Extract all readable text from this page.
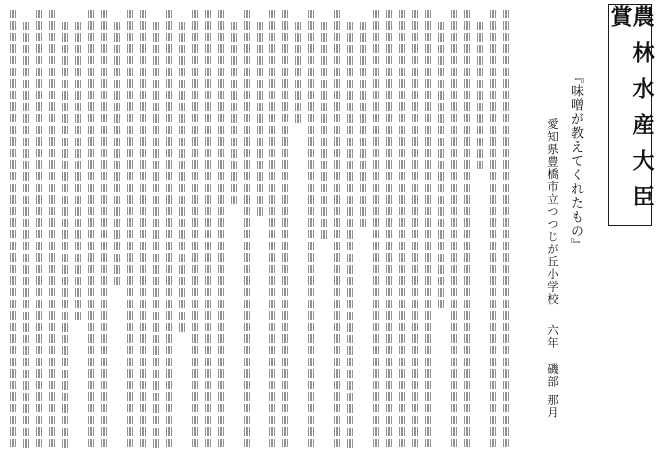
農林水産大臣賞
『味噌が教えてくれたもの』
愛知県豊橋市立つつじが丘小学校
六年
磯部
那月
